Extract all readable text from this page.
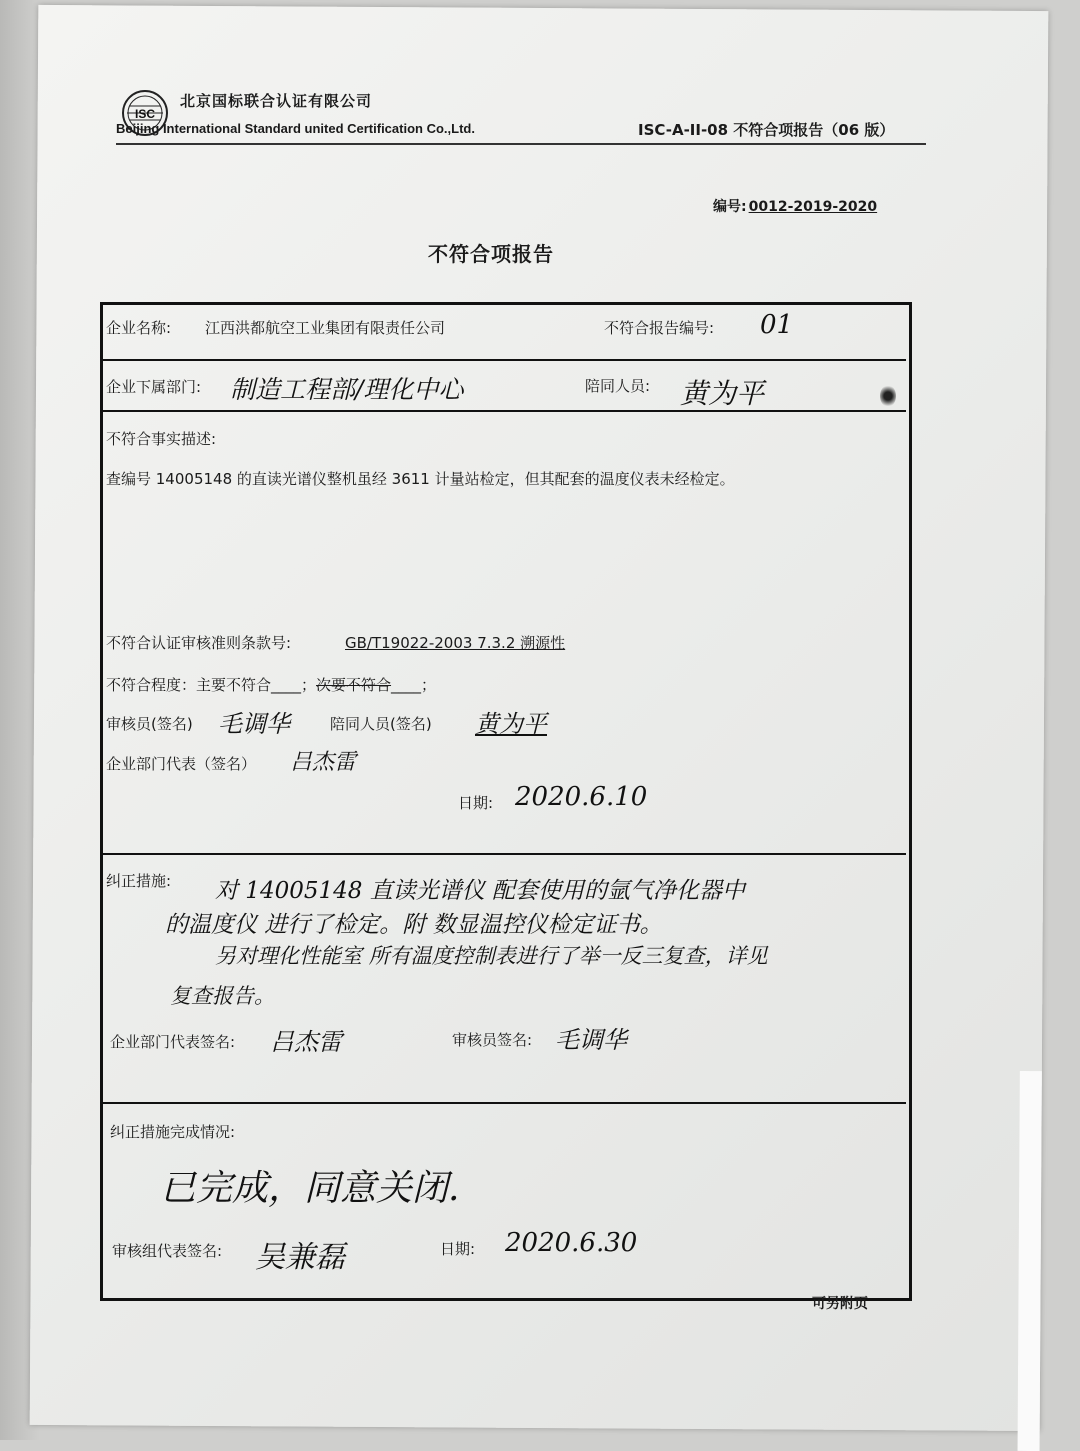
ISC
北京国标联合认证有限公司
Beijing International Standard united Certification Co.,Ltd.	ISC-A-II-08 不符合项报告（06 版）
编号: 0012-2019-2020
不符合项报告
企业名称: 江西洪都航空工业集团有限责任公司	不符合报告编号: 01
企业下属部门: 制造工程部/理化中心	陪同人员: 黄为平
不符合事实描述:
查编号 14005148 的直读光谱仪整机虽经 3611 计量站检定，但其配套的温度仪表未经检定。
不符合认证审核准则条款号:	GB/T19022-2003 7.3.2 溯源性
不符合程度：主要不符合____；次要不符合____；
审核员(签名) 毛调华	陪同人员(签名) 黄为平
企业部门代表（签名） 吕杰雷
日期: 2020.6.10
纠正措施: 对 14005148 直读光谱仪 配套使用的氩气净化器中
的温度仪 进行了检定。附 数显温控仪检定证书。
另对理化性能室 所有温度控制表进行了举一反三复查，详见
复查报告。
企业部门代表签名: 吕杰雷	审核员签名: 毛调华
纠正措施完成情况:
已完成，同意关闭.
审核组代表签名: 吴兼磊	日期: 2020.6.30
可另附页
